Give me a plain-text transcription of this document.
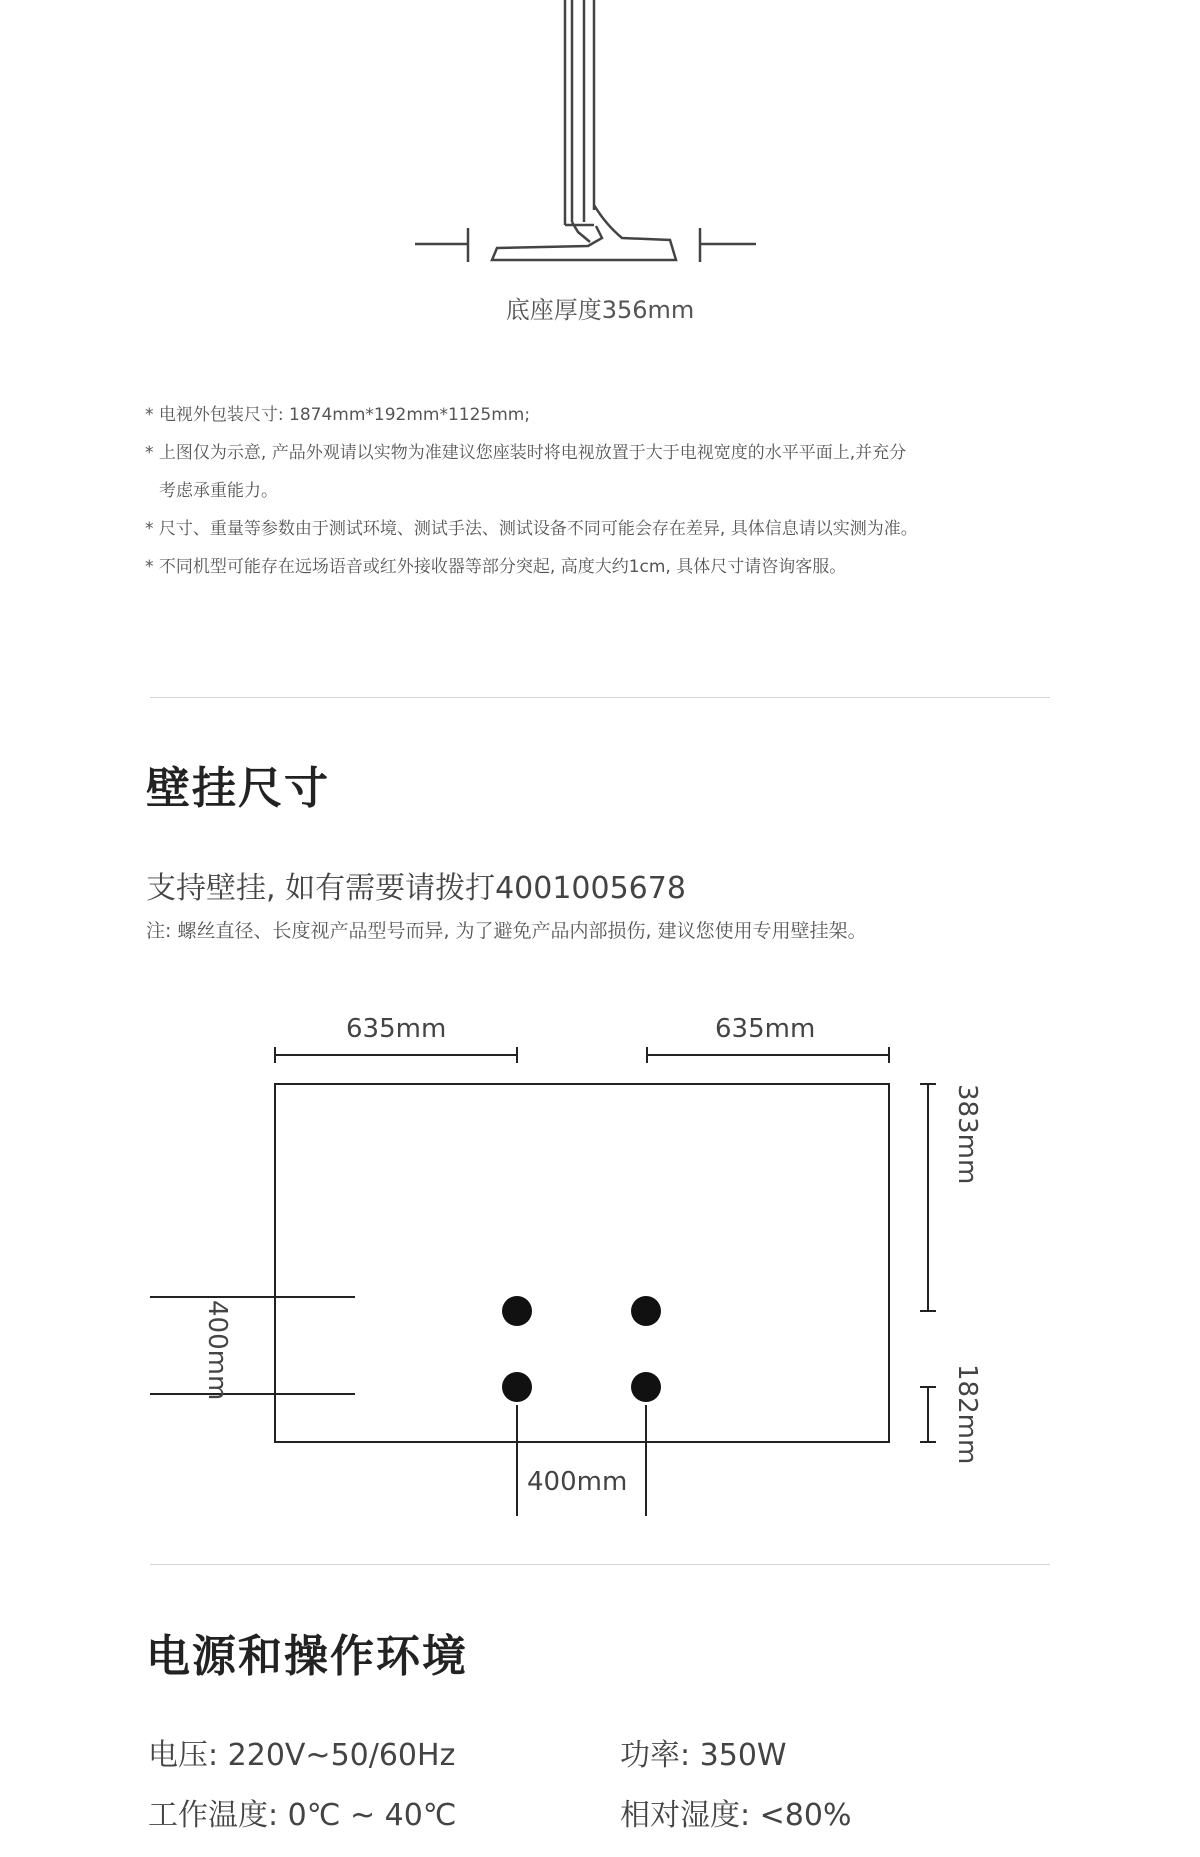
底座厚度356mm
* 电视外包装尺寸: 1874mm*192mm*1125mm;
* 上图仅为示意, 产品外观请以实物为准建议您座装时将电视放置于大于电视宽度的水平平面上,并充分
考虑承重能力。
* 尺寸、重量等参数由于测试环境、测试手法、测试设备不同可能会存在差异, 具体信息请以实测为准。
* 不同机型可能存在远场语音或红外接收器等部分突起, 高度大约1cm, 具体尺寸请咨询客服。
壁挂尺寸
支持壁挂, 如有需要请拨打4001005678
注: 螺丝直径、长度视产品型号而异, 为了避免产品内部损伤, 建议您使用专用壁挂架。
635mm	635mm
383mm
182mm
400mm
400mm
电源和操作环境
电压: 220V~50/60Hz	功率: 350W
工作温度: 0℃ ~ 40℃	相对湿度: <80%
